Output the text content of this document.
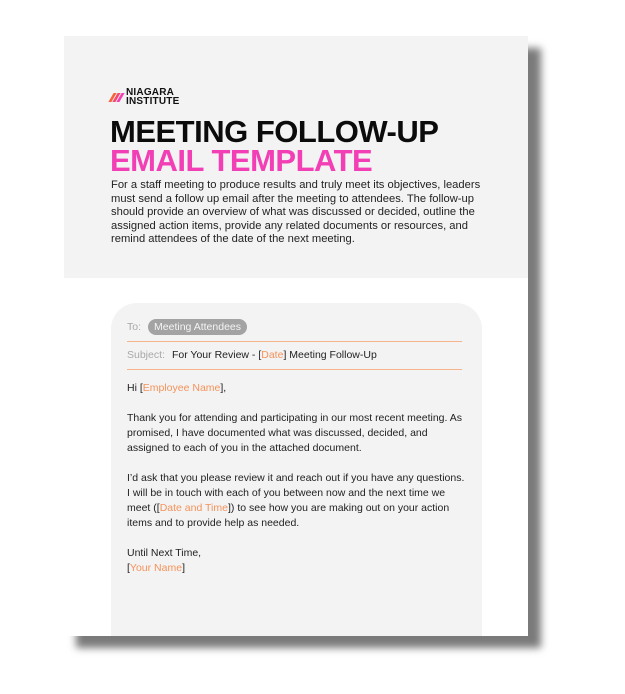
NIAGARA
INSTITUTE
MEETING FOLLOW-UP
EMAIL TEMPLATE
For a staff meeting to produce results and truly meet its objectives, leaders must send a follow up email after the meeting to attendees. The follow-up should provide an overview of what was discussed or decided, outline the assigned action items, provide any related documents or resources, and remind attendees of the date of the next meeting.
To:	Meeting Attendees
Subject: For Your Review - [Date] Meeting Follow-Up

Hi [Employee Name],

Thank you for attending and participating in our most recent meeting. As promised, I have documented what was discussed, decided, and assigned to each of you in the attached document.

I’d ask that you please review it and reach out if you have any questions. I will be in touch with each of you between now and the next time we meet ([Date and Time]) to see how you are making out on your action items and to provide help as needed.

Until Next Time,
[Your Name]
